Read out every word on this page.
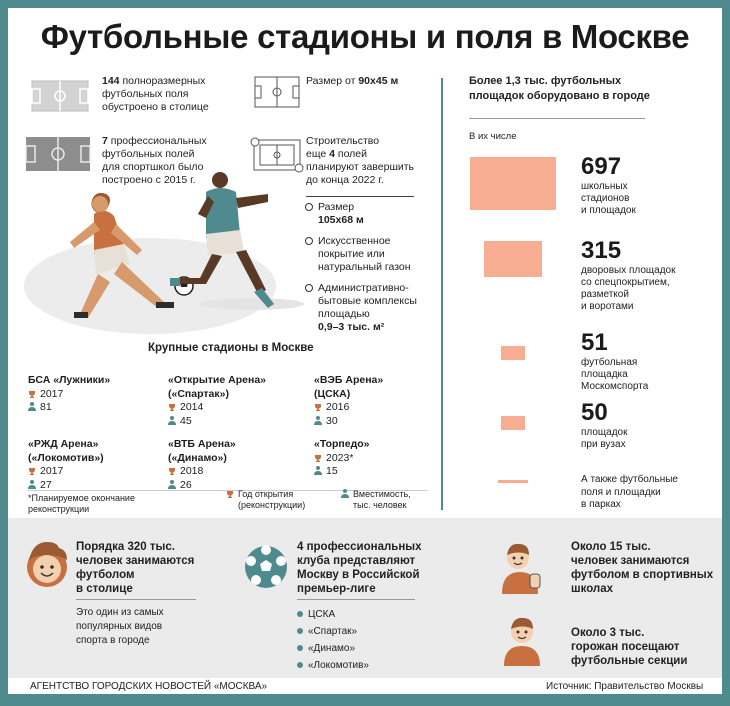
Футбольные стадионы и поля в Москве
144 полноразмерных
футбольных поля
обустроено в столице
Размер от 90х45 м
7 профессиональных
футбольных полей
для спортшкол было
построено с 2015 г.
Строительство
еще 4 полей
планируют завершить
до конца 2022 г.
Размер
105х68 м
Искусственное
покрытие или
натуральный газон
Административно-
бытовые комплексы
площадью
0,9–3 тыс. м²
Крупные стадионы в Москве
БСА «Лужники»
2017
81
«Открытие Арена»
(«Спартак»)
2014
45
«ВЭБ Арена»
(ЦСКА)
2016
30
«РЖД Арена»
(«Локомотив»)
2017
27
«ВТБ Арена»
(«Динамо»)
2018
26
«Торпедо»
2023*
15
*Планируемое окончание
реконструкции
Год открытия
(реконструкции)
Вместимость,
тыс. человек
Более 1,3 тыс. футбольных
площадок оборудовано в городе
В их числе
697
школьных
стадионов
и площадок
315
дворовых площадок
со спецпокрытием,
разметкой
и воротами
51
футбольная
площадка
Москомспорта
50
площадок
при вузах
А также футбольные
поля и площадки
в парках
Порядка 320 тыс.
человек занимаются
футболом
в столице
Это один из самых
популярных видов
спорта в городе
4 профессиональных
клуба представляют
Москву в Российской
премьер-лиге
ЦСКА
«Спартак»
«Динамо»
«Локомотив»
Около 15 тыс.
человек занимаются
футболом в спортивных
школах
Около 3 тыс.
горожан посещают
футбольные секции
АГЕНТСТВО ГОРОДСКИХ НОВОСТЕЙ «МОСКВА»	Источник: Правительство Москвы
